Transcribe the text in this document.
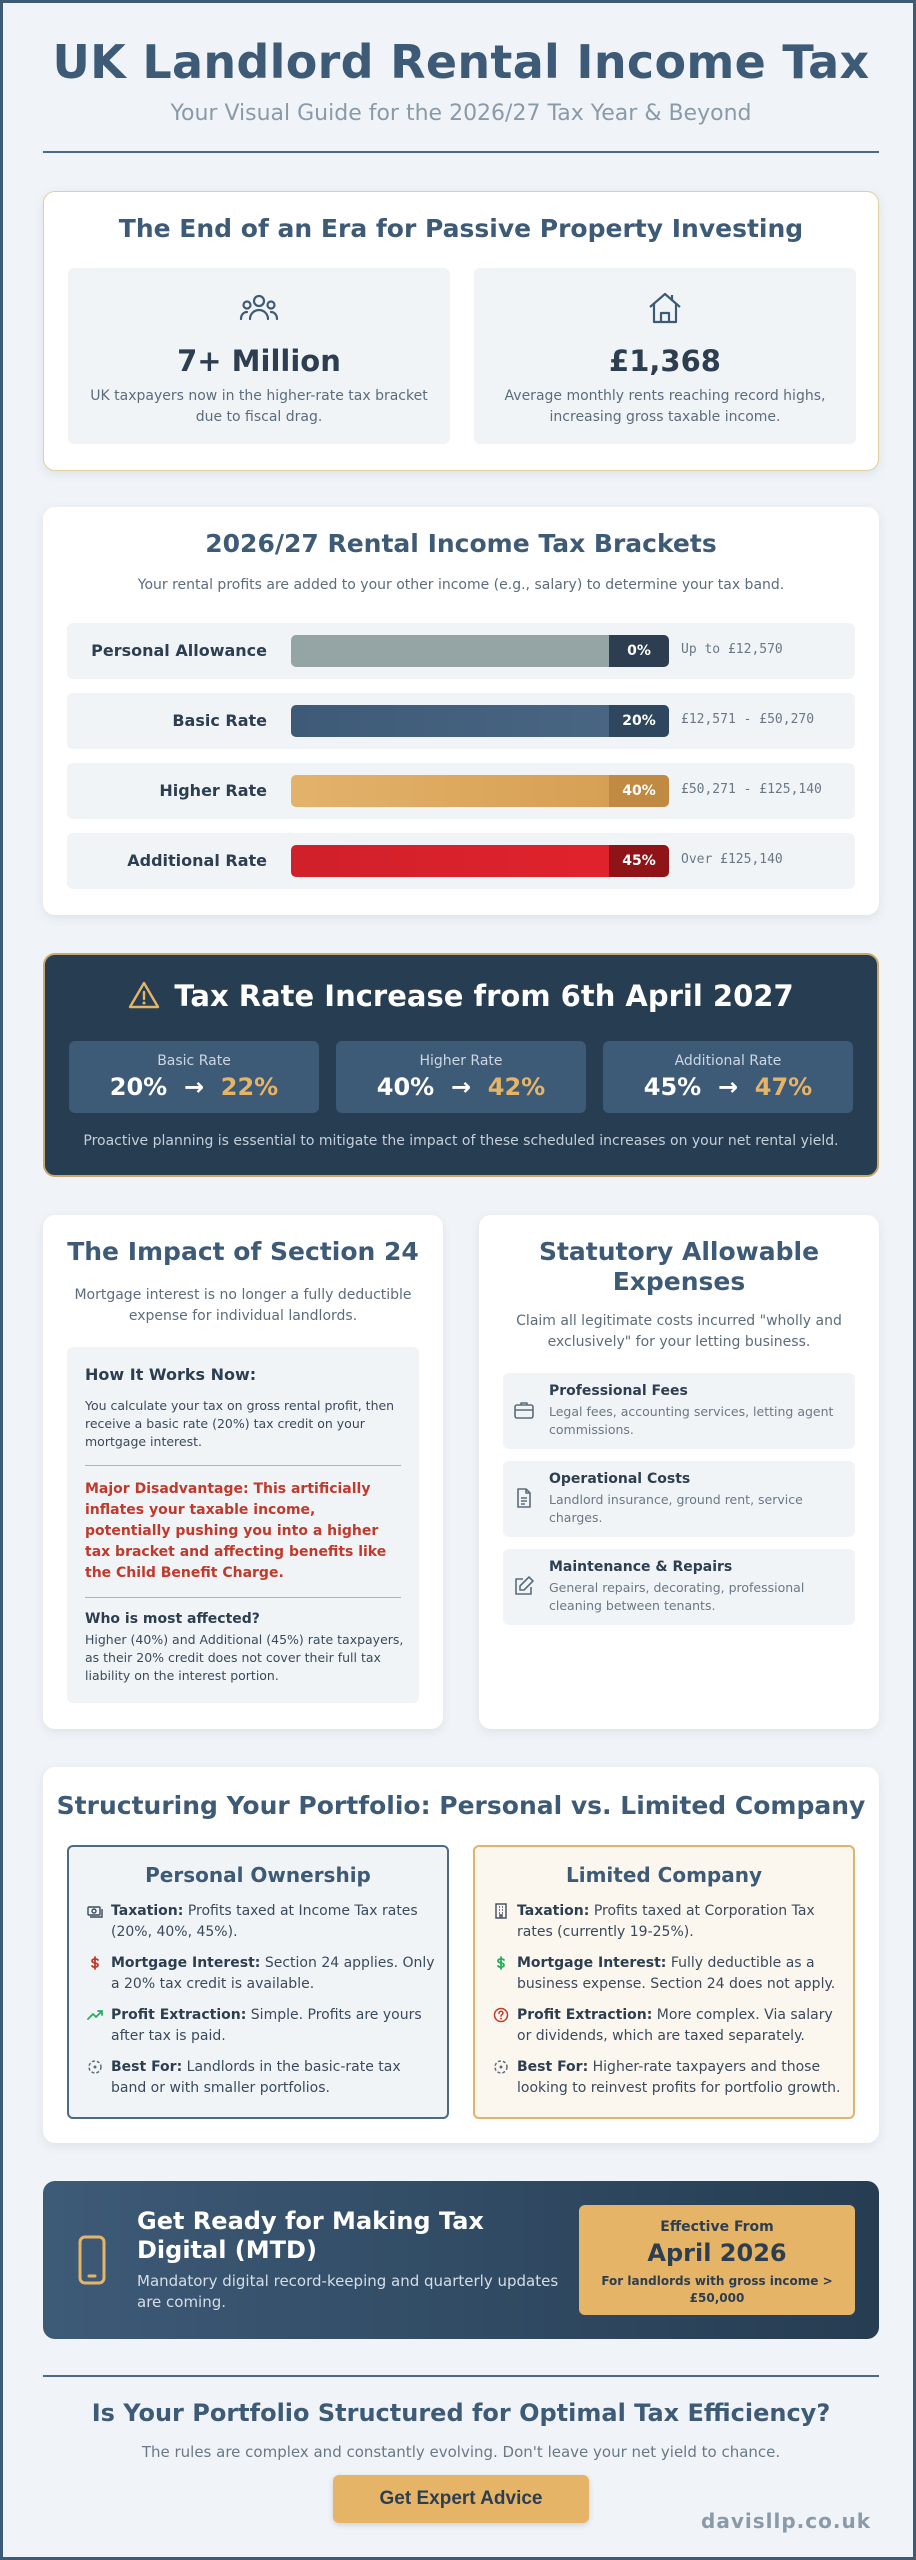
UK Landlord Rental Income Tax
Your Visual Guide for the 2026/27 Tax Year & Beyond
The End of an Era for Passive Property Investing
7+ Million
UK taxpayers now in the higher-rate tax bracket due to fiscal drag.
£1,368
Average monthly rents reaching record highs, increasing gross taxable income.
2026/27 Rental Income Tax Brackets
Your rental profits are added to your other income (e.g., salary) to determine your tax band.
Personal Allowance	0%	Up to £12,570
Basic Rate	20%	£12,571 - £50,270
Higher Rate	40%	£50,271 - £125,140
Additional Rate	45%	Over £125,140
Tax Rate Increase from 6th April 2027
Basic Rate
20% → 22%
Higher Rate
40% → 42%
Additional Rate
45% → 47%
Proactive planning is essential to mitigate the impact of these scheduled increases on your net rental yield.
The Impact of Section 24
Mortgage interest is no longer a fully deductible expense for individual landlords.
How It Works Now:
You calculate your tax on gross rental profit, then receive a basic rate (20%) tax credit on your mortgage interest.
Major Disadvantage: This artificially inflates your taxable income, potentially pushing you into a higher tax bracket and affecting benefits like the Child Benefit Charge.
Who is most affected?
Higher (40%) and Additional (45%) rate taxpayers, as their 20% credit does not cover their full tax liability on the interest portion.
Statutory Allowable Expenses
Claim all legitimate costs incurred "wholly and exclusively" for your letting business.
Professional Fees
Legal fees, accounting services, letting agent commissions.
Operational Costs
Landlord insurance, ground rent, service charges.
Maintenance & Repairs
General repairs, decorating, professional cleaning between tenants.
Structuring Your Portfolio: Personal vs. Limited Company
Personal Ownership
Taxation: Profits taxed at Income Tax rates (20%, 40%, 45%).
Mortgage Interest: Section 24 applies. Only a 20% tax credit is available.
Profit Extraction: Simple. Profits are yours after tax is paid.
Best For: Landlords in the basic-rate tax band or with smaller portfolios.
Limited Company
Taxation: Profits taxed at Corporation Tax rates (currently 19-25%).
Mortgage Interest: Fully deductible as a business expense. Section 24 does not apply.
Profit Extraction: More complex. Via salary or dividends, which are taxed separately.
Best For: Higher-rate taxpayers and those looking to reinvest profits for portfolio growth.
Get Ready for Making Tax Digital (MTD)
Mandatory digital record-keeping and quarterly updates are coming.
Effective From
April 2026
For landlords with gross income > £50,000
Is Your Portfolio Structured for Optimal Tax Efficiency?
The rules are complex and constantly evolving. Don't leave your net yield to chance.
Get Expert Advice
davisllp.co.uk
